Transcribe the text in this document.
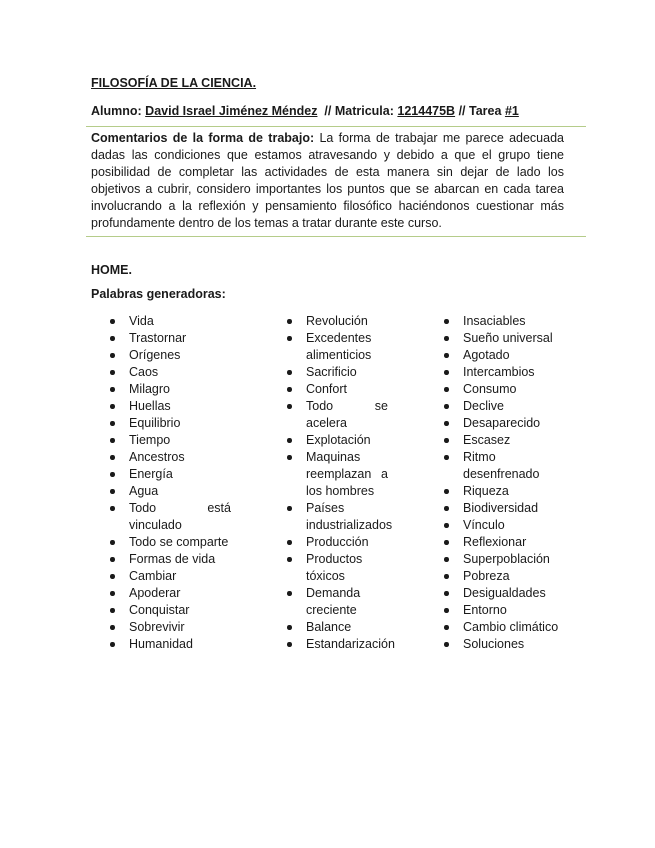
FILOSOFÍA DE LA CIENCIA.
Alumno: David Israel Jiménez Méndez // Matricula: 1214475B // Tarea #1
Comentarios de la forma de trabajo: La forma de trabajar me parece adecuada dadas las condiciones que estamos atravesando y debido a que el grupo tiene posibilidad de completar las actividades de esta manera sin dejar de lado los objetivos a cubrir, considero importantes los puntos que se abarcan en cada tarea involucrando a la reflexión y pensamiento filosófico haciéndonos cuestionar más profundamente dentro de los temas a tratar durante este curso.
HOME.
Palabras generadoras:
Vida
Trastornar
Orígenes
Caos
Milagro
Huellas
Equilibrio
Tiempo
Ancestros
Energía
Agua
Todo está vinculado
Todo se comparte
Formas de vida
Cambiar
Apoderar
Conquistar
Sobrevivir
Humanidad
Revolución
Excedentes alimenticios
Sacrificio
Confort
Todo se acelera
Explotación
Maquinas reemplazan a los hombres
Países industrializados
Producción
Productos tóxicos
Demanda creciente
Balance
Estandarización
Insaciables
Sueño universal
Agotado
Intercambios
Consumo
Declive
Desaparecido
Escasez
Ritmo desenfrenado
Riqueza
Biodiversidad
Vínculo
Reflexionar
Superpoblación
Pobreza
Desigualdades
Entorno
Cambio climático
Soluciones
